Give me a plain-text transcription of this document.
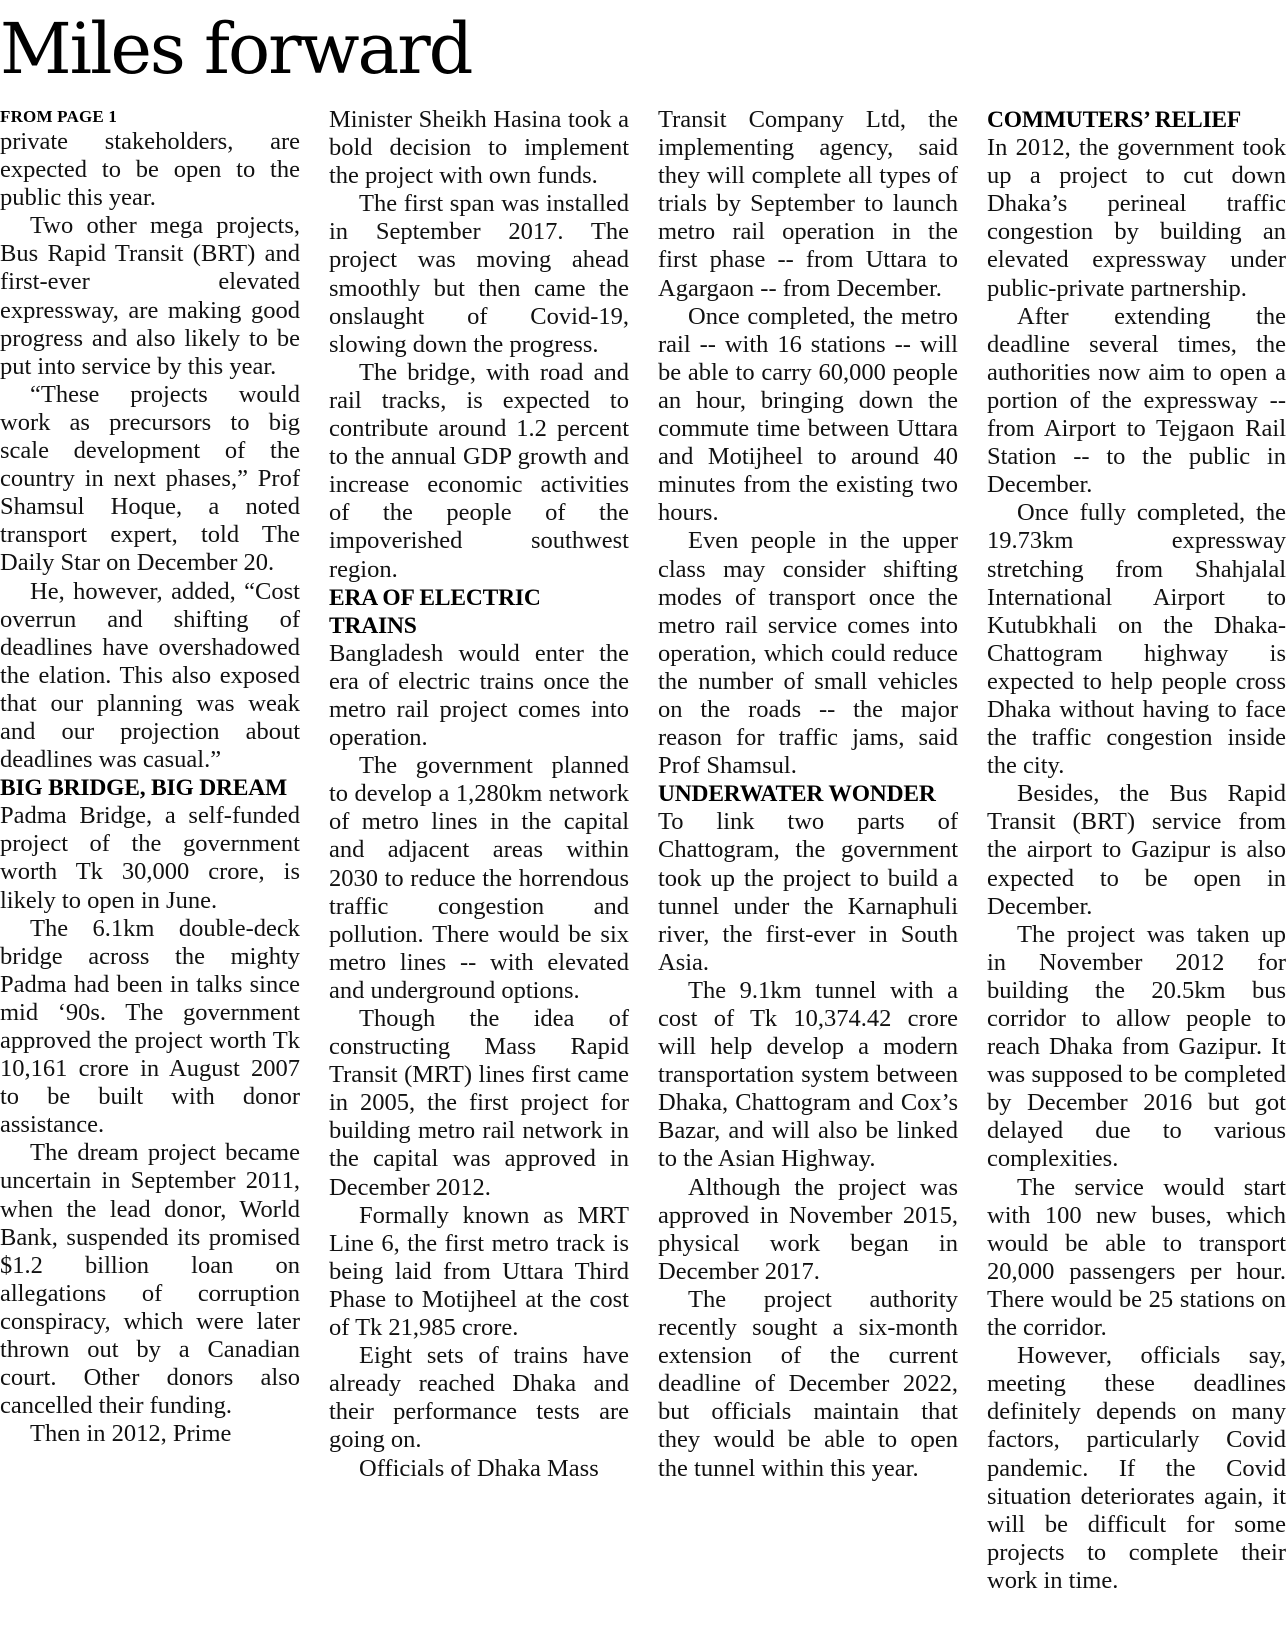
Miles forward
FROM PAGE 1
private stakeholders, are expected to be open to the public this year.
Two other mega projects, Bus Rapid Transit (BRT) and first-ever elevated expressway, are making good progress and also likely to be put into service by this year.
“These projects would work as precursors to big scale development of the country in next phases,” Prof Shamsul Hoque, a noted transport expert, told The Daily Star on December 20.
He, however, added, “Cost overrun and shifting of deadlines have overshadowed the elation. This also exposed that our planning was weak and our projection about deadlines was casual.”
BIG BRIDGE, BIG DREAM
Padma Bridge, a self-funded project of the government worth Tk 30,000 crore, is likely to open in June.
The 6.1km double-deck bridge across the mighty Padma had been in talks since mid ‘90s. The government approved the project worth Tk 10,161 crore in August 2007 to be built with donor assistance.
The dream project became uncertain in September 2011, when the lead donor, World Bank, suspended its promised $1.2 billion loan on allegations of corruption conspiracy, which were later thrown out by a Canadian court. Other donors also cancelled their funding.
Then in 2012, Prime
Minister Sheikh Hasina took a bold decision to implement the project with own funds.
The first span was installed in September 2017. The project was moving ahead smoothly but then came the onslaught of Covid-19, slowing down the progress.
The bridge, with road and rail tracks, is expected to contribute around 1.2 percent to the annual GDP growth and increase economic activities of the people of the impoverished southwest region.
ERA OF ELECTRIC TRAINS
Bangladesh would enter the era of electric trains once the metro rail project comes into operation.
The government planned to develop a 1,280km network of metro lines in the capital and adjacent areas within 2030 to reduce the horrendous traffic congestion and pollution. There would be six metro lines -- with elevated and underground options.
Though the idea of constructing Mass Rapid Transit (MRT) lines first came in 2005, the first project for building metro rail network in the capital was approved in December 2012.
Formally known as MRT Line 6, the first metro track is being laid from Uttara Third Phase to Motijheel at the cost of Tk 21,985 crore.
Eight sets of trains have already reached Dhaka and their performance tests are going on.
Officials of Dhaka Mass
Transit Company Ltd, the implementing agency, said they will complete all types of trials by September to launch metro rail operation in the first phase -- from Uttara to Agargaon -- from December.
Once completed, the metro rail -- with 16 stations -- will be able to carry 60,000 people an hour, bringing down the commute time between Uttara and Motijheel to around 40 minutes from the existing two hours.
Even people in the upper class may consider shifting modes of transport once the metro rail service comes into operation, which could reduce the number of small vehicles on the roads -- the major reason for traffic jams, said Prof Shamsul.
UNDERWATER WONDER
To link two parts of Chattogram, the government took up the project to build a tunnel under the Karnaphuli river, the first-ever in South Asia.
The 9.1km tunnel with a cost of Tk 10,374.42 crore will help develop a modern transportation system between Dhaka, Chattogram and Cox’s Bazar, and will also be linked to the Asian Highway.
Although the project was approved in November 2015, physical work began in December 2017.
The project authority recently sought a six-month extension of the current deadline of December 2022, but officials maintain that they would be able to open the tunnel within this year.
COMMUTERS’ RELIEF
In 2012, the government took up a project to cut down Dhaka’s perineal traffic congestion by building an elevated expressway under public-private partnership.
After extending the deadline several times, the authorities now aim to open a portion of the expressway -- from Airport to Tejgaon Rail Station -- to the public in December.
Once fully completed, the 19.73km expressway stretching from Shahjalal International Airport to Kutubkhali on the Dhaka-Chattogram highway is expected to help people cross Dhaka without having to face the traffic congestion inside the city.
Besides, the Bus Rapid Transit (BRT) service from the airport to Gazipur is also expected to be open in December.
The project was taken up in November 2012 for building the 20.5km bus corridor to allow people to reach Dhaka from Gazipur. It was supposed to be completed by December 2016 but got delayed due to various complexities.
The service would start with 100 new buses, which would be able to transport 20,000 passengers per hour. There would be 25 stations on the corridor.
However, officials say, meeting these deadlines definitely depends on many factors, particularly Covid pandemic. If the Covid situation deteriorates again, it will be difficult for some projects to complete their work in time.
